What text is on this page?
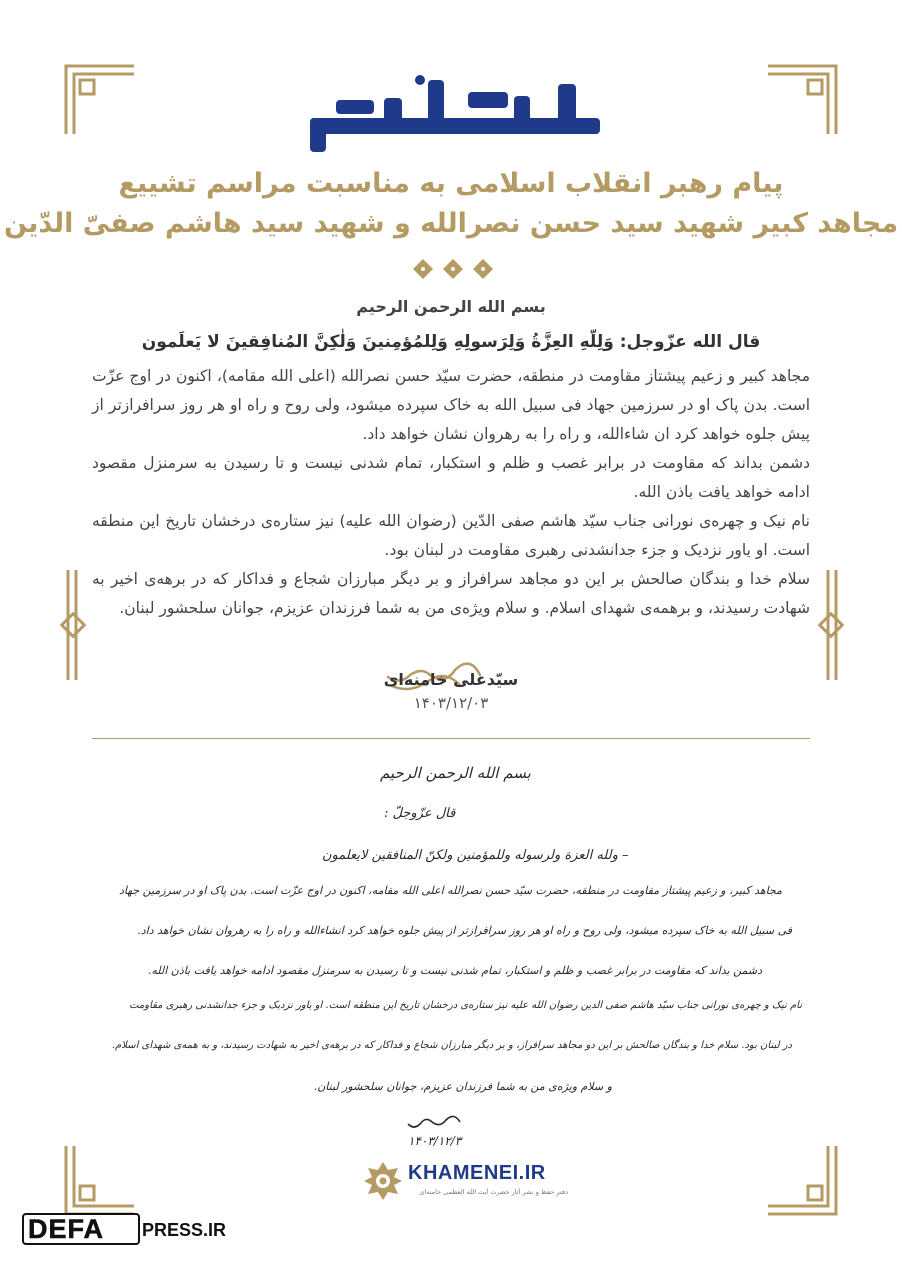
عهد عزت
پیام رهبر انقلاب اسلامی به مناسبت مراسم تشییع
مجاهد کبیر شهید سید حسن نصرالله و شهید سید هاشم صفیّ الدّین
بسم الله الرحمن الرحیم
قال الله عزّوجل: وَلِلّهِ العِزَّةُ وَلِرَسولِهِ وَلِلمُؤمِنینَ وَلٰکِنَّ المُنافِقینَ لا یَعلَمون

مجاهد کبیر و زعیم پیشتاز مقاومت در منطقه، حضرت سیّد حسن نصرالله (اعلی الله مقامه)، اکنون در اوج عزّت است. بدن پاک او در سرزمین جهاد فی سبیل الله به خاک سپرده میشود، ولی روح و راه او هر روز سرافرازتر از پیش جلوه خواهد کرد ان شاءالله، و راه را به رهروان نشان خواهد داد.

دشمن بداند که مقاومت در برابر غصب و ظلم و استکبار، تمام شدنی نیست و تا رسیدن به سرمنزل مقصود ادامه خواهد یافت باذن الله.

نام نیک و چهره‌ی نورانی جناب سیّد هاشم صفی الدّین (رضوان الله علیه) نیز ستاره‌ی درخشان تاریخ این منطقه است. او یاور نزدیک و جزء جدانشدنی رهبری مقاومت در لبنان بود.

سلام خدا و بندگان صالحش بر این دو مجاهد سرافراز و بر دیگر مبارزان شجاع و فداکار که در برهه‌ی اخیر به شهادت رسیدند، و برهمه‌ی شهدای اسلام. و سلام ویژه‌ی من به شما فرزندان عزیزم، جوانان سلحشور لبنان.

سیّدعلی خامنه‌ای
۱۴۰۳/۱۲/۰۳
بسم الله الرحمن الرحیم
قال عزّوجلّ :
– ولله العزة ولرسوله وللمؤمنین ولکنّ المنافقین لایعلمون
مجاهد کبیر، و زعیم پیشتاز مقاومت در منطقه، حضرت سیّد حسن نصرالله اعلی الله مقامه، اکنون در اوج عزّت است. بدن پاک او در سرزمین جهاد
فی سبیل الله به خاک سپرده میشود، ولی روح و راه او هر روز سرافرازتر از پیش جلوه خواهد کرد انشاءالله و راه را به رهروان نشان خواهد داد.
دشمن بداند که مقاومت در برابر غصب و ظلم و استکبار، تمام شدنی نیست و تا رسیدن به سرمنزل مقصود ادامه خواهد یافت باذن الله.
نام نیک و چهره‌ی نورانی جناب سیّد هاشم صفی الدین رضوان الله علیه نیز ستاره‌ی درخشان تاریخ این منطقه است. او یاور نزدیک و جزء جدانشدنی رهبری مقاومت
در لبنان بود. سلام خدا و بندگان صالحش بر این دو مجاهد سرافراز، و بر دیگر مبارزان شجاع و فداکار که در برهه‌ی اخیر به شهادت رسیدند، و به همه‌ی شهدای اسلام.
و سلام ویژه‌ی من به شما فرزندان عزیزم، جوانان سلحشور لبنان.
۱۴۰۳/۱۲/۳
KHAMENEI.IR
دفتر حفظ و نشر آثار حضرت آیت الله العظمی خامنه‌ای
DEFA PRESS.IR
